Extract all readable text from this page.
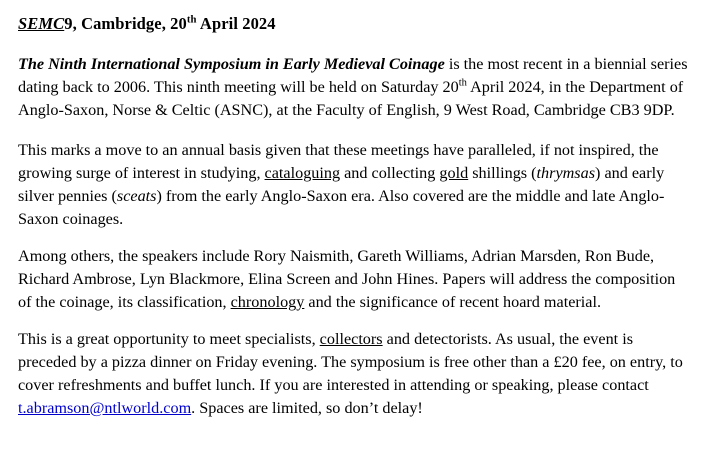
SEMC9, Cambridge, 20th April 2024

The Ninth International Symposium in Early Medieval Coinage is the most recent in a biennial series dating back to 2006. This ninth meeting will be held on Saturday 20th April 2024, in the Department of Anglo-Saxon, Norse & Celtic (ASNC), at the Faculty of English, 9 West Road, Cambridge CB3 9DP.

This marks a move to an annual basis given that these meetings have paralleled, if not inspired, the growing surge of interest in studying, cataloguing and collecting gold shillings (thrymsas) and early silver pennies (sceats) from the early Anglo-Saxon era. Also covered are the middle and late Anglo-Saxon coinages.

Among others, the speakers include Rory Naismith, Gareth Williams, Adrian Marsden, Ron Bude, Richard Ambrose, Lyn Blackmore, Elina Screen and John Hines. Papers will address the composition of the coinage, its classification, chronology and the significance of recent hoard material.

This is a great opportunity to meet specialists, collectors and detectorists. As usual, the event is preceded by a pizza dinner on Friday evening. The symposium is free other than a £20 fee, on entry, to cover refreshments and buffet lunch. If you are interested in attending or speaking, please contact t.abramson@ntlworld.com. Spaces are limited, so don’t delay!
